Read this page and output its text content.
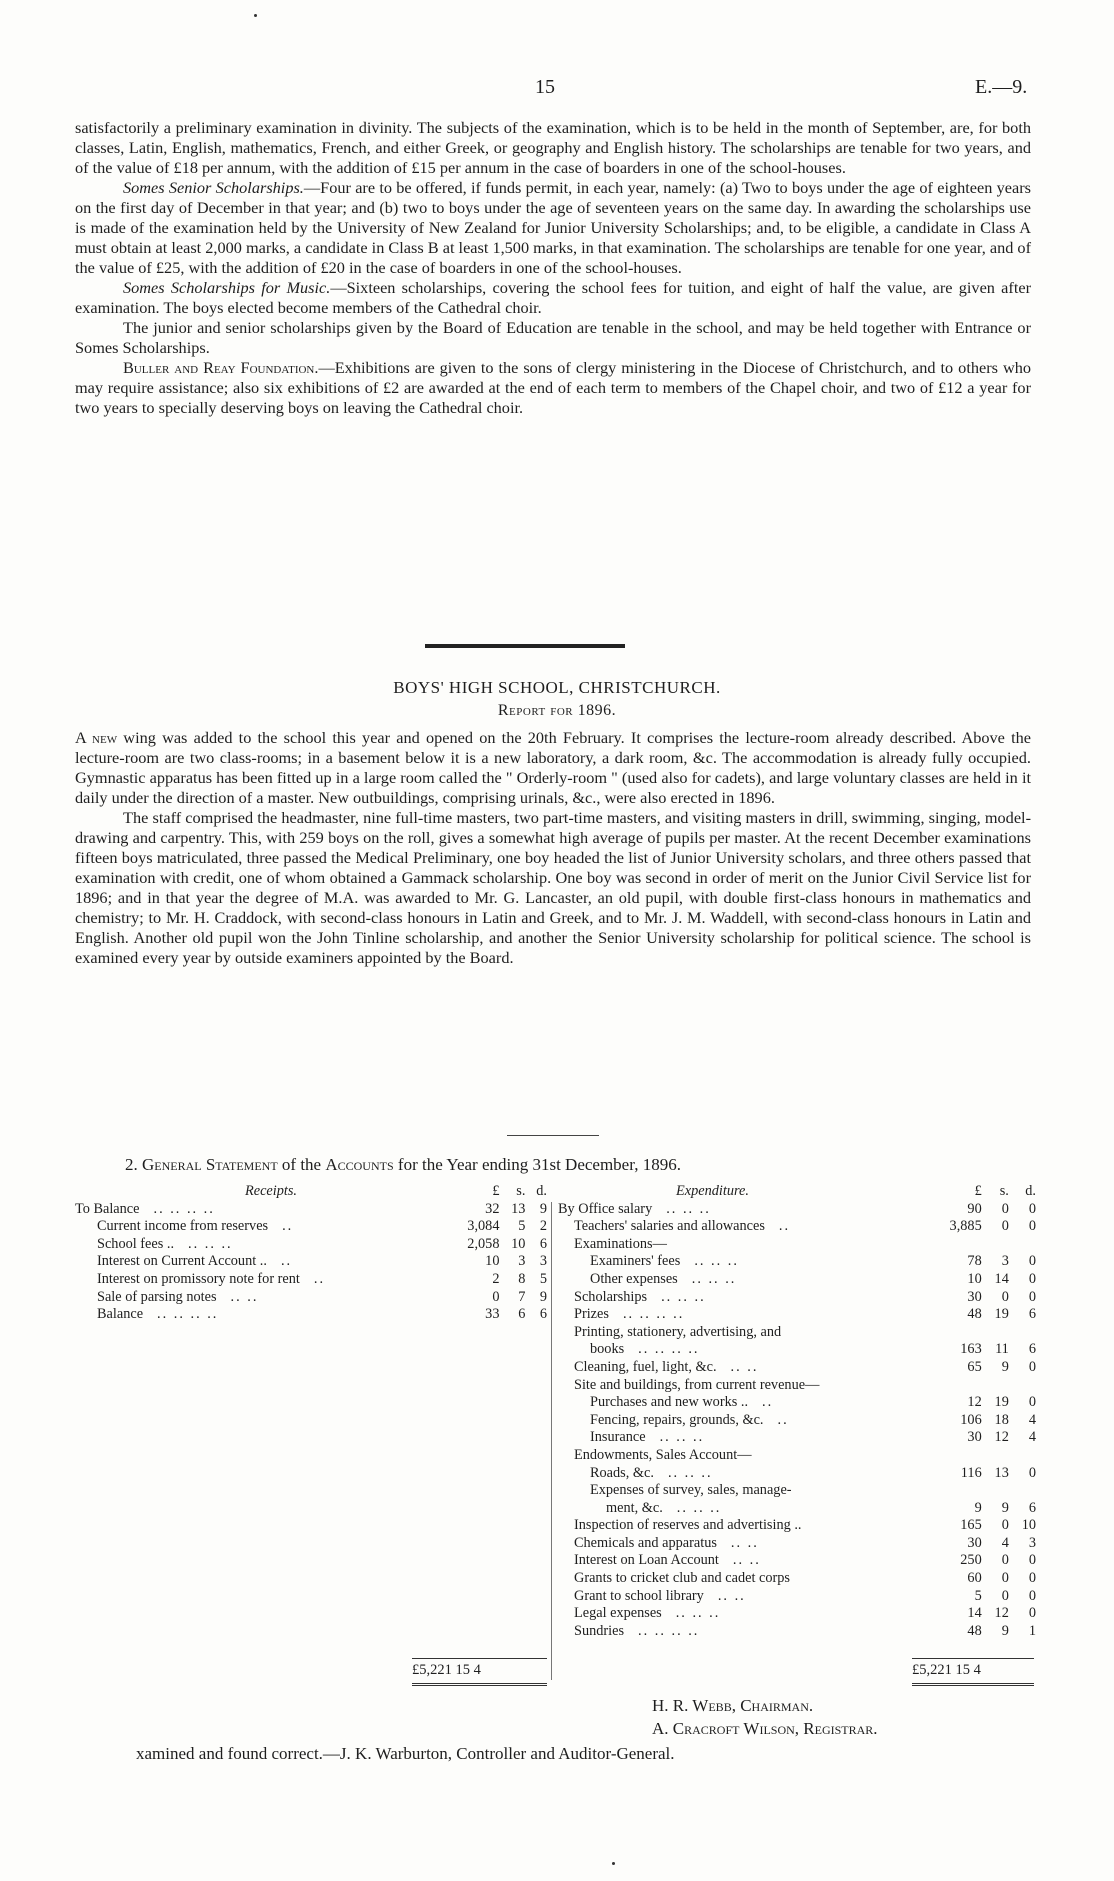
15	E.—9.

satisfactorily a preliminary examination in divinity. The subjects of the examination, which is to be held in the month of September, are, for both classes, Latin, English, mathematics, French, and either Greek, or geography and English history. The scholarships are tenable for two years, and of the value of £18 per annum, with the addition of £15 per annum in the case of boarders in one of the school-houses.

Somes Senior Scholarships.—Four are to be offered, if funds permit, in each year, namely: (a) Two to boys under the age of eighteen years on the first day of December in that year; and (b) two to boys under the age of seventeen years on the same day. In awarding the scholarships use is made of the examination held by the University of New Zealand for Junior University Scholarships; and, to be eligible, a candidate in Class A must obtain at least 2,000 marks, a candidate in Class B at least 1,500 marks, in that examination. The scholarships are tenable for one year, and of the value of £25, with the addition of £20 in the case of boarders in one of the school-houses.

Somes Scholarships for Music.—Sixteen scholarships, covering the school fees for tuition, and eight of half the value, are given after examination. The boys elected become members of the Cathedral choir.

The junior and senior scholarships given by the Board of Education are tenable in the school, and may be held together with Entrance or Somes Scholarships.

Buller and Reay Foundation.—Exhibitions are given to the sons of clergy ministering in the Diocese of Christchurch, and to others who may require assistance; also six exhibitions of £2 are awarded at the end of each term to members of the Chapel choir, and two of £12 a year for two years to specially deserving boys on leaving the Cathedral choir.

BOYS' HIGH SCHOOL, CHRISTCHURCH.
Report for 1896.

A new wing was added to the school this year and opened on the 20th February. It comprises the lecture-room already described. Above the lecture-room are two class-rooms; in a basement below it is a new laboratory, a dark room, &c. The accommodation is already fully occupied. Gymnastic apparatus has been fitted up in a large room called the " Orderly-room " (used also for cadets), and large voluntary classes are held in it daily under the direction of a master. New outbuildings, comprising urinals, &c., were also erected in 1896.

The staff comprised the headmaster, nine full-time masters, two part-time masters, and visiting masters in drill, swimming, singing, model-drawing and carpentry. This, with 259 boys on the roll, gives a somewhat high average of pupils per master. At the recent December examinations fifteen boys matriculated, three passed the Medical Preliminary, one boy headed the list of Junior University scholars, and three others passed that examination with credit, one of whom obtained a Gammack scholarship. One boy was second in order of merit on the Junior Civil Service list for 1896; and in that year the degree of M.A. was awarded to Mr. G. Lancaster, an old pupil, with double first-class honours in mathematics and chemistry; to Mr. H. Craddock, with second-class honours in Latin and Greek, and to Mr. J. M. Waddell, with second-class honours in Latin and English. Another old pupil won the John Tinline scholarship, and another the Senior University scholarship for political science. The school is examined every year by outside examiners appointed by the Board.

2. General Statement of the Accounts for the Year ending 31st December, 1896.
Receipts.	£	s.	d.
To Balance .. .. .. ..	32	13	9
Current income from reserves ..	3,084	5	2
School fees .. .. .. ..	2,058	10	6
Interest on Current Account .. ..	10	3	3
Interest on promissory note for rent ..	2	8	5
Sale of parsing notes .. ..	0	7	9
Balance .. .. .. ..	33	6	6
£5,221 15 4
Expenditure.	£	s.	d.
By Office salary .. .. ..	90	0	0
Teachers' salaries and allowances ..	3,885	0	0
Examinations—			
Examiners' fees .. .. ..	78	3	0
Other expenses .. .. ..	10	14	0
Scholarships .. .. ..	30	0	0
Prizes .. .. .. ..	48	19	6
Printing, stationery, advertising, and			
books .. .. .. ..	163	11	6
Cleaning, fuel, light, &c. .. ..	65	9	0
Site and buildings, from current revenue—			
Purchases and new works .. ..	12	19	0
Fencing, repairs, grounds, &c. ..	106	18	4
Insurance .. .. ..	30	12	4
Endowments, Sales Account—			
Roads, &c. .. .. ..	116	13	0
Expenses of survey, sales, manage-			
ment, &c. .. .. ..	9	9	6
Inspection of reserves and advertising ..	165	0	10
Chemicals and apparatus .. ..	30	4	3
Interest on Loan Account .. ..	250	0	0
Grants to cricket club and cadet corps	60	0	0
Grant to school library .. ..	5	0	0
Legal expenses .. .. ..	14	12	0
Sundries .. .. .. ..	48	9	1
£5,221 15 4
H. R. Webb, Chairman.
A. Cracroft Wilson, Registrar.
xamined and found correct.—J. K. Warburton, Controller and Auditor-General.
